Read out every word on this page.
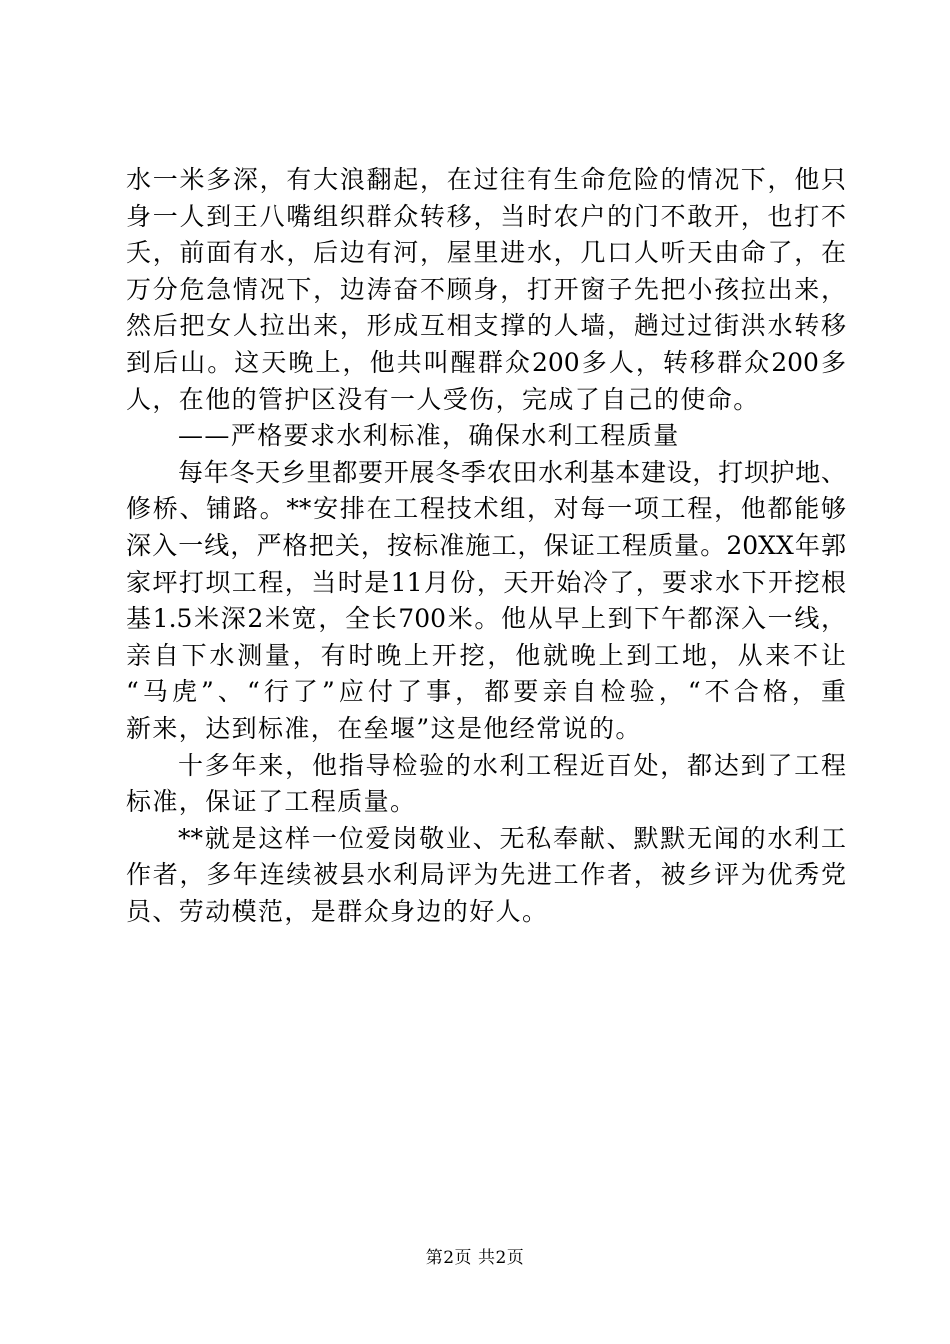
水一米多深，有大浪翻起，在过往有生命危险的情况下，他只
身一人到王八嘴组织群众转移，当时农户的门不敢开，也打不
夭，前面有水，后边有河，屋里进水，几口人听天由命了，在
万分危急情况下，边涛奋不顾身，打开窗子先把小孩拉出来，
然后把女人拉出来，形成互相支撑的人墙，趟过过街洪水转移
到后山。这天晚上，他共叫醒群众200多人，转移群众200多
人，在他的管护区没有一人受伤，完成了自己的使命。
——严格要求水利标准，确保水利工程质量
每年冬天乡里都要开展冬季农田水利基本建设，打坝护地、
修桥、铺路。**安排在工程技术组，对每一项工程，他都能够
深入一线，严格把关，按标准施工，保证工程质量。20XX年郭
家坪打坝工程，当时是11月份，天开始冷了，要求水下开挖根
基1.5米深2米宽，全长700米。他从早上到下午都深入一线，
亲自下水测量，有时晚上开挖，他就晚上到工地，从来不让
“马虎”、“行了”应付了事，都要亲自检验，“不合格，重
新来，达到标准，在垒堰”这是他经常说的。
十多年来，他指导检验的水利工程近百处，都达到了工程
标准，保证了工程质量。
**就是这样一位爱岗敬业、无私奉献、默默无闻的水利工
作者，多年连续被县水利局评为先进工作者，被乡评为优秀党
员、劳动模范，是群众身边的好人。
第2页 共2页
